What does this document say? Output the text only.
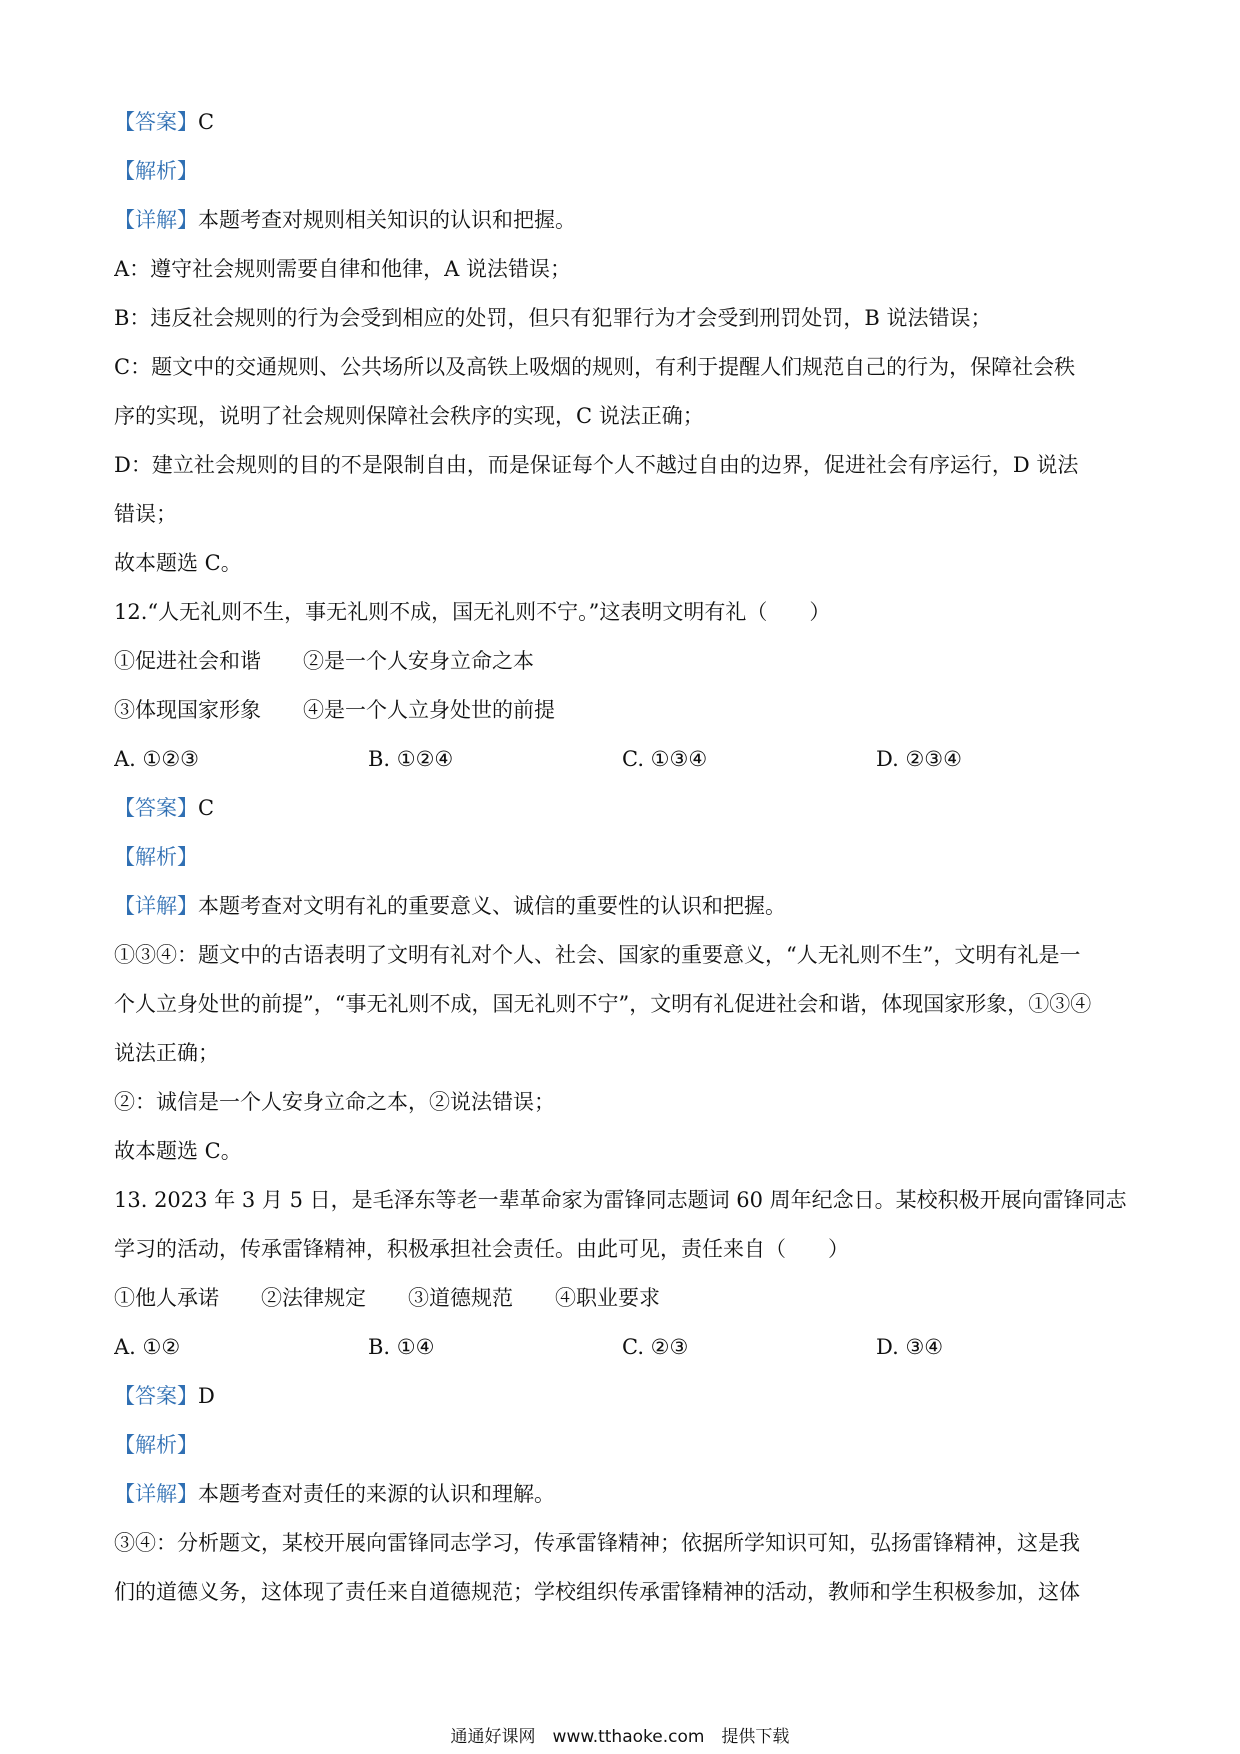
【答案】C
【解析】
【详解】本题考查对规则相关知识的认识和把握。
A：遵守社会规则需要自律和他律，A 说法错误；
B：违反社会规则的行为会受到相应的处罚，但只有犯罪行为才会受到刑罚处罚，B 说法错误；
C：题文中的交通规则、公共场所以及高铁上吸烟的规则，有利于提醒人们规范自己的行为，保障社会秩
序的实现，说明了社会规则保障社会秩序的实现，C 说法正确；
D：建立社会规则的目的不是限制自由，而是保证每个人不越过自由的边界，促进社会有序运行，D 说法
错误；
故本题选 C。
12.“人无礼则不生，事无礼则不成，国无礼则不宁。”这表明文明有礼（　　）
①促进社会和谐　　②是一个人安身立命之本
③体现国家形象　　④是一个人立身处世的前提
A. ①②③	B. ①②④	C. ①③④	D. ②③④
【答案】C
【解析】
【详解】本题考查对文明有礼的重要意义、诚信的重要性的认识和把握。
①③④：题文中的古语表明了文明有礼对个人、社会、国家的重要意义，“人无礼则不生”，文明有礼是一
个人立身处世的前提”，“事无礼则不成，国无礼则不宁”，文明有礼促进社会和谐，体现国家形象，①③④
说法正确；
②：诚信是一个人安身立命之本，②说法错误；
故本题选 C。
13. 2023 年 3 月 5 日，是毛泽东等老一辈革命家为雷锋同志题词 60 周年纪念日。某校积极开展向雷锋同志
学习的活动，传承雷锋精神，积极承担社会责任。由此可见，责任来自（　　）
①他人承诺　　②法律规定　　③道德规范　　④职业要求
A. ①②	B. ①④	C. ②③	D. ③④
【答案】D
【解析】
【详解】本题考查对责任的来源的认识和理解。
③④：分析题文，某校开展向雷锋同志学习，传承雷锋精神；依据所学知识可知，弘扬雷锋精神，这是我
们的道德义务，这体现了责任来自道德规范；学校组织传承雷锋精神的活动，教师和学生积极参加，这体
通通好课网　www.tthaoke.com　提供下载
